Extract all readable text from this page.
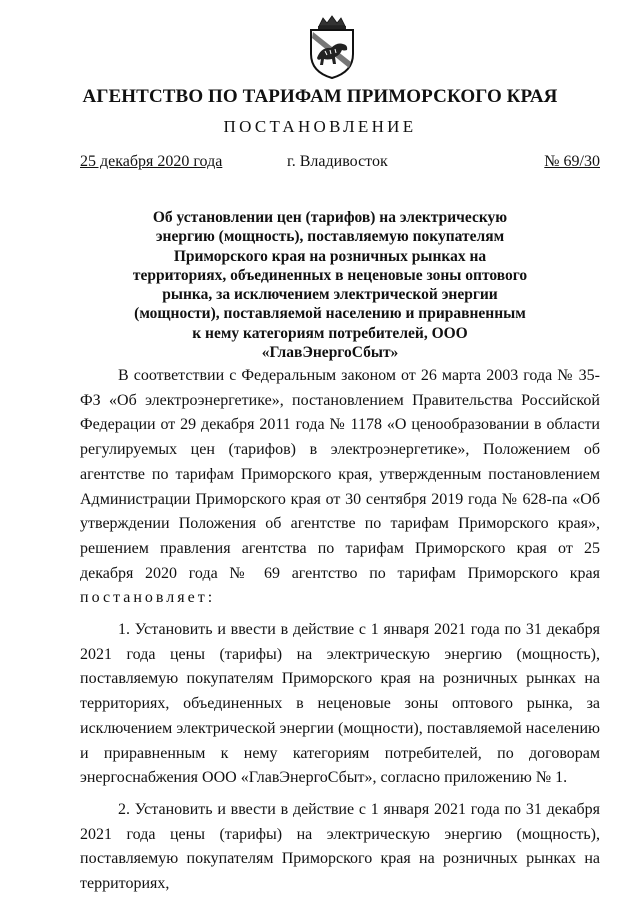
АГЕНТСТВО ПО ТАРИФАМ ПРИМОРСКОГО КРАЯ
ПОСТАНОВЛЕНИЕ
25 декабря 2020 года	г. Владивосток	№ 69/30
Об установлении цен (тарифов) на электрическую энергию (мощность), поставляемую покупателям Приморского края на розничных рынках на территориях, объединенных в неценовые зоны оптового рынка, за исключением электрической энергии (мощности), поставляемой населению и приравненным к нему категориям потребителей, ООО «ГлавЭнергоСбыт»

В соответствии с Федеральным законом от 26 марта 2003 года № 35-ФЗ «Об электроэнергетике», постановлением Правительства Российской Федерации от 29 декабря 2011 года № 1178 «О ценообразовании в области регулируемых цен (тарифов) в электроэнергетике», Положением об агентстве по тарифам Приморского края, утвержденным постановлением Администрации Приморского края от 30 сентября 2019 года № 628-па «Об утверждении Положения об агентстве по тарифам Приморского края», решением правления агентства по тарифам Приморского края от 25 декабря 2020 года № 69 агентство по тарифам Приморского края постановляет:

1. Установить и ввести в действие с 1 января 2021 года по 31 декабря 2021 года цены (тарифы) на электрическую энергию (мощность), поставляемую покупателям Приморского края на розничных рынках на территориях, объединенных в неценовые зоны оптового рынка, за исключением электрической энергии (мощности), поставляемой населению и приравненным к нему категориям потребителей, по договорам энергоснабжения ООО «ГлавЭнергоСбыт», согласно приложению № 1.

2. Установить и ввести в действие с 1 января 2021 года по 31 декабря 2021 года цены (тарифы) на электрическую энергию (мощность), поставляемую покупателям Приморского края на розничных рынках на территориях,
